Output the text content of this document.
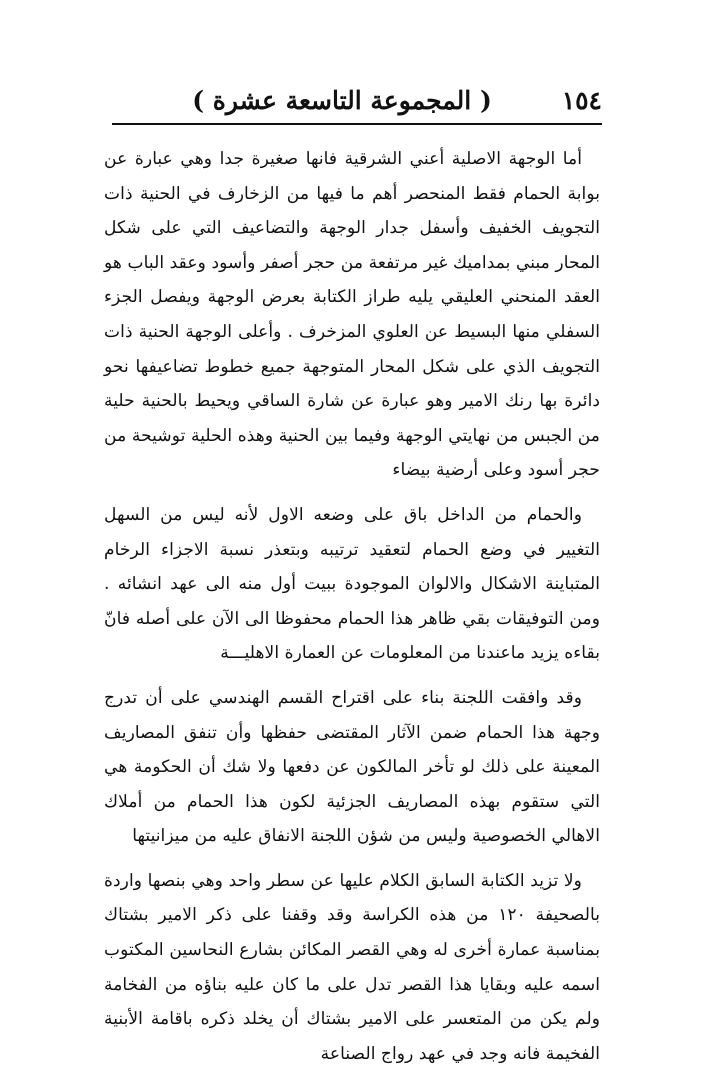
١٥٤
( المجموعة التاسعة عشرة )

أما الوجهة الاصلية أعني الشرقية فانها صغيرة جدا وهي عبارة عن بوابة الحمام فقط المنحصر أهم ما فيها من الزخارف في الحنية ذات التجويف الخفيف وأسفل جدار الوجهة والتضاعيف التي على شكل المحار مبني بمداميك غير مرتفعة من حجر أصفر وأسود وعقد الباب هو العقد المنحني العليقي يليه طراز الكتابة بعرض الوجهة ويفصل الجزء السفلي منها البسيط عن العلوي المزخرف . وأعلى الوجهة الحنية ذات التجويف الذي على شكل المحار المتوجهة جميع خطوط تضاعيفها نحو دائرة بها رنك الامير وهو عبارة عن شارة الساقي ويحيط بالحنية حلية من الجبس من نهايتي الوجهة وفيما بين الحنية وهذه الحلية توشيحة من حجر أسود وعلى أرضية بيضاء

والحمام من الداخل باق على وضعه الاول لأنه ليس من السهل التغيير في وضع الحمام لتعقيد ترتيبه وبتعذر نسبة الاجزاء الرخام المتباينة الاشكال والالوان الموجودة ببيت أول منه الى عهد انشائه . ومن التوفيقات بقي ظاهر هذا الحمام محفوظا الى الآن على أصله فانّ بقاءه يزيد ماعندنا من المعلومات عن العمارة الاهليـــة

وقد وافقت اللجنة بناء على اقتراح القسم الهندسي على أن تدرج وجهة هذا الحمام ضمن الآثار المقتضى حفظها وأن تنفق المصاريف المعينة على ذلك لو تأخر المالكون عن دفعها ولا شك أن الحكومة هي التي ستقوم بهذه المصاريف الجزئية لكون هذا الحمام من أملاك الاهالي الخصوصية وليس من شؤن اللجنة الانفاق عليه من ميزانيتها

ولا تزيد الكتابة السابق الكلام عليها عن سطر واحد وهي بنصها واردة بالصحيفة ١٢٠ من هذه الكراسة وقد وقفنا على ذكر الامير بشتاك بمناسبة عمارة أخرى له وهي القصر المكائن بشارع النحاسين المكتوب اسمه عليه وبقايا هذا القصر تدل على ما كان عليه بناؤه من الفخامة ولم يكن من المتعسر على الامير بشتاك أن يخلد ذكره باقامة الأبنية الفخيمة فانه وجد في عهد رواج الصناعة
